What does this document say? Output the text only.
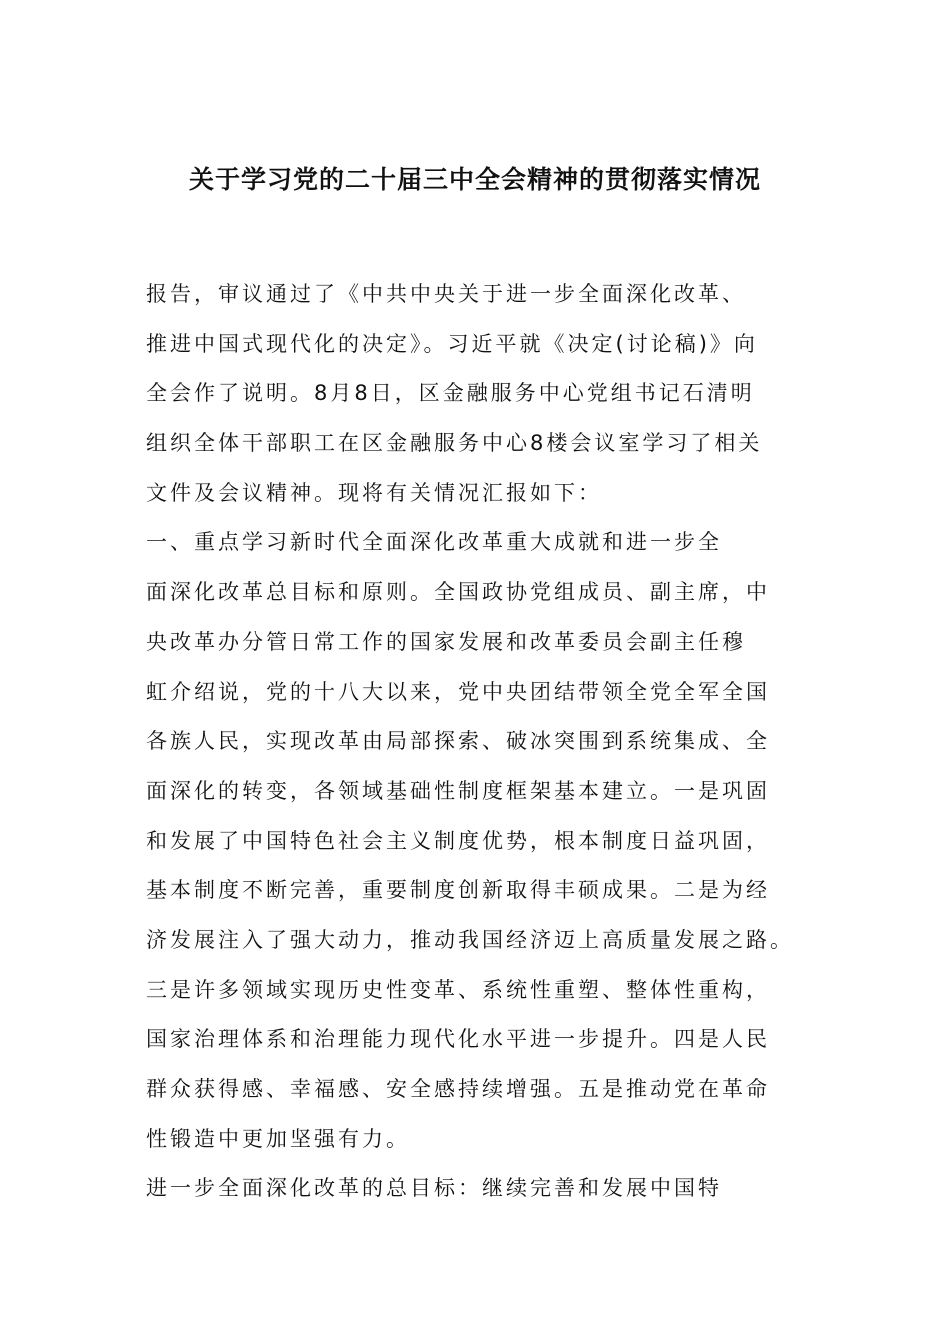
关于学习党的二十届三中全会精神的贯彻落实情况
报告，审议通过了《中共中央关于进一步全面深化改革、
推进中国式现代化的决定》。习近平就《决定(讨论稿)》向
全会作了说明。8月8日，区金融服务中心党组书记石清明
组织全体干部职工在区金融服务中心8楼会议室学习了相关
文件及会议精神。现将有关情况汇报如下：
一、重点学习新时代全面深化改革重大成就和进一步全
面深化改革总目标和原则。全国政协党组成员、副主席，中
央改革办分管日常工作的国家发展和改革委员会副主任穆
虹介绍说，党的十八大以来，党中央团结带领全党全军全国
各族人民，实现改革由局部探索、破冰突围到系统集成、全
面深化的转变，各领域基础性制度框架基本建立。一是巩固
和发展了中国特色社会主义制度优势，根本制度日益巩固，
基本制度不断完善，重要制度创新取得丰硕成果。二是为经
济发展注入了强大动力，推动我国经济迈上高质量发展之路。
三是许多领域实现历史性变革、系统性重塑、整体性重构，
国家治理体系和治理能力现代化水平进一步提升。四是人民
群众获得感、幸福感、安全感持续增强。五是推动党在革命
性锻造中更加坚强有力。
进一步全面深化改革的总目标：继续完善和发展中国特
